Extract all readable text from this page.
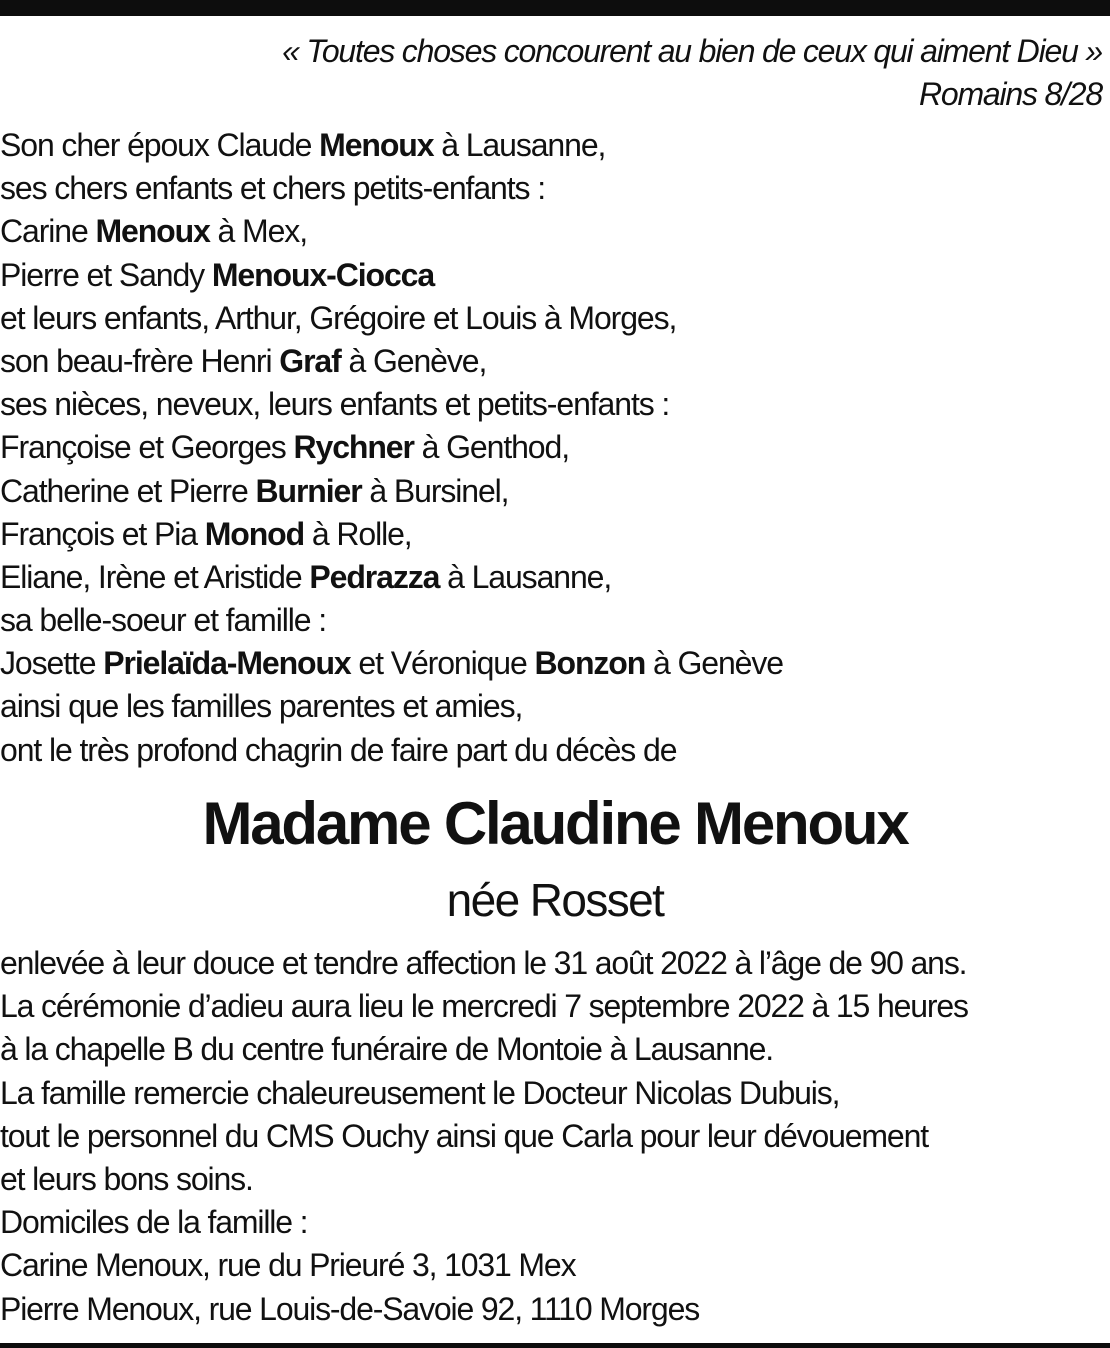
« Toutes choses concourent au bien de ceux qui aiment Dieu »
Romains 8/28
Son cher époux Claude Menoux à Lausanne,
ses chers enfants et chers petits-enfants :
Carine Menoux à Mex,
Pierre et Sandy Menoux-Ciocca
et leurs enfants, Arthur, Grégoire et Louis à Morges,
son beau-frère Henri Graf à Genève,
ses nièces, neveux, leurs enfants et petits-enfants :
Françoise et Georges Rychner à Genthod,
Catherine et Pierre Burnier à Bursinel,
François et Pia Monod à Rolle,
Eliane, Irène et Aristide Pedrazza à Lausanne,
sa belle-soeur et famille :
Josette Prielaïda-Menoux et Véronique Bonzon à Genève
ainsi que les familles parentes et amies,
ont le très profond chagrin de faire part du décès de
Madame Claudine Menoux
née Rosset
enlevée à leur douce et tendre affection le 31 août 2022 à l’âge de 90 ans.
La cérémonie d’adieu aura lieu le mercredi 7 septembre 2022 à 15 heures
à la chapelle B du centre funéraire de Montoie à Lausanne.
La famille remercie chaleureusement le Docteur Nicolas Dubuis,
tout le personnel du CMS Ouchy ainsi que Carla pour leur dévouement
et leurs bons soins.
Domiciles de la famille :
Carine Menoux, rue du Prieuré 3, 1031 Mex
Pierre Menoux, rue Louis-de-Savoie 92, 1110 Morges
